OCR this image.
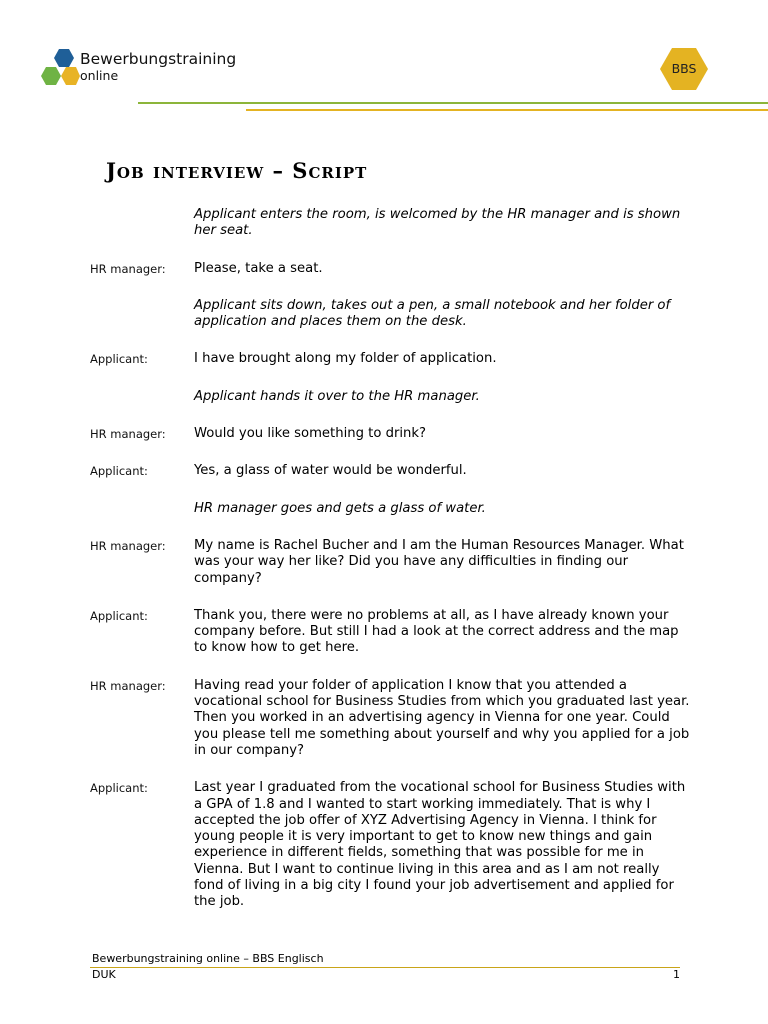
Bewerbungstraining
online	BBS
Job interview – Script
Applicant enters the room, is welcomed by the HR manager and is shown her seat.
HR manager: Please, take a seat.
Applicant sits down, takes out a pen, a small notebook and her folder of application and places them on the desk.
Applicant:	I have brought along my folder of application.
Applicant hands it over to the HR manager.
HR manager: Would you like something to drink?
Applicant:	Yes, a glass of water would be wonderful.
HR manager goes and gets a glass of water.
HR manager: My name is Rachel Bucher and I am the Human Resources Manager. What was your way her like? Did you have any difficulties in finding our company?
Applicant:	Thank you, there were no problems at all, as I have already known your company before. But still I had a look at the correct address and the map to know how to get here.
HR manager: Having read your folder of application I know that you attended a vocational school for Business Studies from which you graduated last year. Then you worked in an advertising agency in Vienna for one year. Could you please tell me something about yourself and why you applied for a job in our company?
Applicant:	Last year I graduated from the vocational school for Business Studies with a GPA of 1.8 and I wanted to start working immediately. That is why I accepted the job offer of XYZ Advertising Agency in Vienna. I think for young people it is very important to get to know new things and gain experience in different fields, something that was possible for me in Vienna. But I want to continue living in this area and as I am not really fond of living in a big city I found your job advertisement and applied for the job.
Bewerbungstraining online – BBS Englisch
DUK	1
